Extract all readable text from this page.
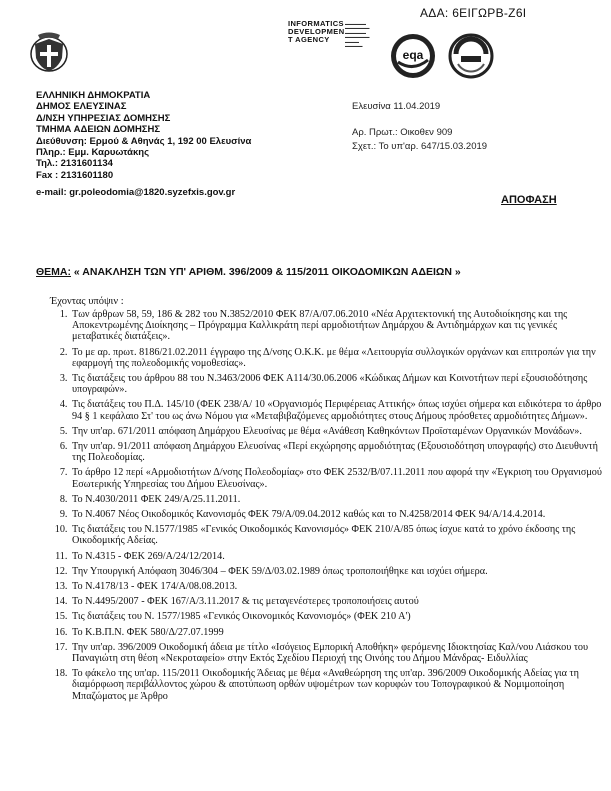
ΑΔΑ: 6ΕΙΓΩΡΒ-Ζ6Ι
INFORMATICS
DEVELOPMEN
T AGENCY
▬▬▬▬▬▬
▬▬▬▬▬▬▬
▬▬▬▬▬▬
▬▬▬▬▬▬▬
▬▬▬▬
▬▬▬▬▬
eqa
ΕΛΛΗΝΙΚΗ ΔΗΜΟΚΡΑΤΙΑ
ΔΗΜΟΣ ΕΛΕΥΣΙΝΑΣ
Δ/ΝΣΗ ΥΠΗΡΕΣΙΑΣ ΔΟΜΗΣΗΣ
ΤΜΗΜΑ ΑΔΕΙΩΝ ΔΟΜΗΣΗΣ
Διεύθυνση: Ερμού & Αθηνάς 1, 192 00 Ελευσίνα
Πληρ.: Εμμ. Καρυωτάκης
Τηλ.: 2131601134
Fax : 2131601180
e-mail: gr.poleodomia@1820.syzefxis.gov.gr
Ελευσίνα 11.04.2019
Αρ. Πρωτ.: Οικοθεν 909
Σχετ.: Το υπ'αρ. 647/15.03.2019
ΑΠΟΦΑΣΗ
ΘΕΜΑ: « ΑΝΑΚΛΗΣΗ ΤΩΝ ΥΠ' ΑΡΙΘΜ. 396/2009 & 115/2011 ΟΙΚΟΔΟΜΙΚΩΝ ΑΔΕΙΩΝ »
Έχοντας υπόψιν :
1. Των άρθρων 58, 59, 186 & 282 του Ν.3852/2010 ΦΕΚ 87/Α/07.06.2010 «Νέα Αρχιτεκτονική της Αυτοδιοίκησης και της Αποκεντρωμένης Διοίκησης – Πρόγραμμα Καλλικράτη περί αρμοδιοτήτων Δημάρχου & Αντιδημάρχων και τις γενικές μεταβατικές διατάξεις».
2. Το με αρ. πρωτ. 8186/21.02.2011 έγγραφο της Δ/νσης Ο.Κ.Κ. με θέμα «Λειτουργία συλλογικών οργάνων και επιτροπών για την εφαρμογή της πολεοδομικής νομοθεσίας».
3. Τις διατάξεις του άρθρου 88 του Ν.3463/2006 ΦΕΚ Α114/30.06.2006 «Κώδικας Δήμων και Κοινοτήτων περί εξουσιοδότησης υπογραφών».
4. Τις διατάξεις του Π.Δ. 145/10 (ΦΕΚ 238/Α/ 10 «Οργανισμός Περιφέρειας Αττικής» όπως ισχύει σήμερα και ειδικότερα το άρθρο 94 § 1 κεφάλαιο Στ' του ως άνω Νόμου για «Μεταβιβαζόμενες αρμοδιότητες στους Δήμους πρόσθετες αρμοδιότητες Δήμων».
5. Την υπ'αρ. 671/2011 απόφαση Δημάρχου Ελευσίνας με θέμα «Ανάθεση Καθηκόντων Προϊσταμένων Οργανικών Μονάδων».
6. Την υπ'αρ. 91/2011 απόφαση Δημάρχου Ελευσίνας «Περί εκχώρησης αρμοδιότητας (Εξουσιοδότηση υπογραφής) στο Διευθυντή της Πολεοδομίας.
7. Το άρθρο 12 περί «Αρμοδιοτήτων Δ/νσης Πολεοδομίας» στο ΦΕΚ 2532/Β/07.11.2011 που αφορά την «Έγκριση του Οργανισμού Εσωτερικής Υπηρεσίας του Δήμου Ελευσίνας».
8. Το Ν.4030/2011 ΦΕΚ 249/Α/25.11.2011.
9. Το Ν.4067 Νέος Οικοδομικός Κανονισμός ΦΕΚ 79/Α/09.04.2012 καθώς και το Ν.4258/2014 ΦΕΚ 94/Α/14.4.2014.
10. Τις διατάξεις του Ν.1577/1985 «Γενικός Οικοδομικός Κανονισμός» ΦΕΚ 210/Α/85 όπως ίσχυε κατά το χρόνο έκδοσης της Οικοδομικής Αδείας.
11. Το Ν.4315 - ΦΕΚ 269/Α/24/12/2014.
12. Την Υπουργική Απόφαση 3046/304 – ΦΕΚ 59/Δ/03.02.1989 όπως τροποποιήθηκε και ισχύει σήμερα.
13. Το Ν.4178/13 - ΦΕΚ 174/Α/08.08.2013.
14. Το Ν.4495/2007 - ΦΕΚ 167/Α/3.11.2017 & τις μεταγενέστερες τροποποιήσεις αυτού
15. Τις διατάξεις του Ν. 1577/1985 «Γενικός Οικονομικός Κανονισμός» (ΦΕΚ 210 Α')
16. Το Κ.Β.Π.Ν. ΦΕΚ 580/Δ/27.07.1999
17. Την υπ'αρ. 396/2009 Οικοδομική άδεια με τίτλο «Ισόγειος Εμπορική Αποθήκη» φερόμενης Ιδιοκτησίας Καλ/νου Λιάσκου του Παναγιώτη στη θέση «Νεκροταφείο» στην Εκτός Σχεδίου Περιοχή της Οινόης του Δήμου Μάνδρας- Ειδυλλίας
18. Το φάκελο της υπ'αρ. 115/2011 Οικοδομικής Άδειας με θέμα «Αναθεώρηση της υπ'αρ. 396/2009 Οικοδομικής Αδείας για τη διαμόρφωση περιβάλλοντος χώρου & αποτύπωση ορθών υψομέτρων των κορυφών του Τοπογραφικού & Νομιμοποίηση Μπαζώματος με Άρθρο
